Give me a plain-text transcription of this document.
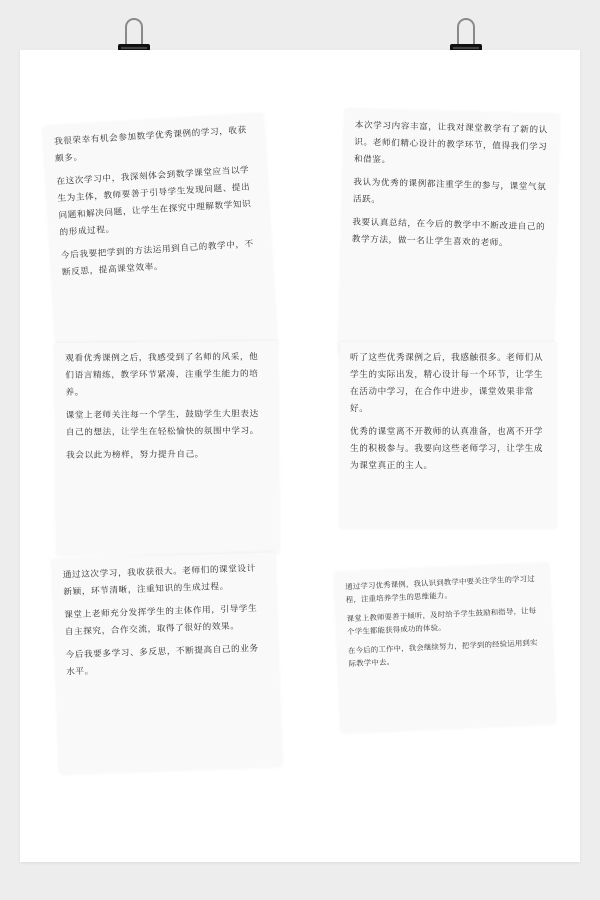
我很荣幸有机会参加数学优秀课例的学习，收获颇多。

在这次学习中，我深刻体会到数学课堂应当以学生为主体，教师要善于引导学生发现问题、提出问题和解决问题，让学生在探究中理解数学知识的形成过程。

今后我要把学到的方法运用到自己的教学中，不断反思，提高课堂效率。

本次学习内容丰富，让我对课堂教学有了新的认识。老师们精心设计的教学环节，值得我们学习和借鉴。

我认为优秀的课例都注重学生的参与，课堂气氛活跃。

我要认真总结，在今后的教学中不断改进自己的教学方法，做一名让学生喜欢的老师。

观看优秀课例之后，我感受到了名师的风采，他们语言精练，教学环节紧凑，注重学生能力的培养。

课堂上老师关注每一个学生，鼓励学生大胆表达自己的想法，让学生在轻松愉快的氛围中学习。

我会以此为榜样，努力提升自己。

听了这些优秀课例之后，我感触很多。老师们从学生的实际出发，精心设计每一个环节，让学生在活动中学习，在合作中进步，课堂效果非常好。

优秀的课堂离不开教师的认真准备，也离不开学生的积极参与。我要向这些老师学习，让学生成为课堂真正的主人。

通过这次学习，我收获很大。老师们的课堂设计新颖，环节清晰，注重知识的生成过程。

课堂上老师充分发挥学生的主体作用，引导学生自主探究，合作交流，取得了很好的效果。

今后我要多学习、多反思，不断提高自己的业务水平。

通过学习优秀课例，我认识到教学中要关注学生的学习过程，注重培养学生的思维能力。

课堂上教师要善于倾听，及时给予学生鼓励和指导，让每个学生都能获得成功的体验。

在今后的工作中，我会继续努力，把学到的经验运用到实际教学中去。
